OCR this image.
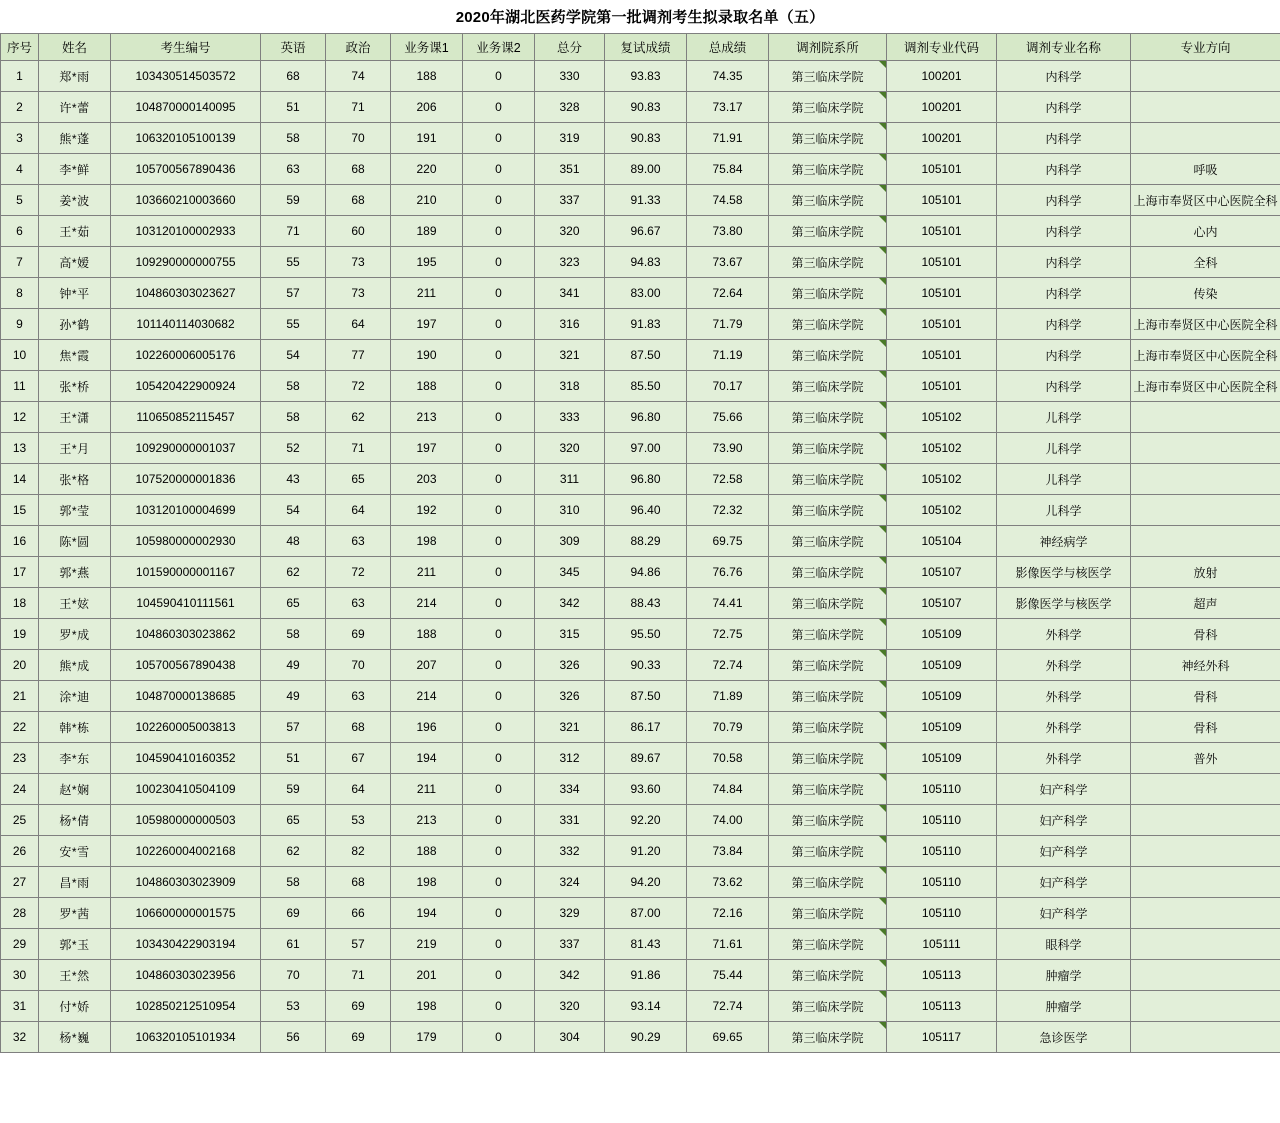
2020年湖北医药学院第一批调剂考生拟录取名单（五）
序号	姓名	考生编号	英语	政治	业务课1	业务课2	总分	复试成绩	总成绩	调剂院系所	调剂专业代码	调剂专业名称	专业方向
1	郑*雨	103430514503572	68	74	188	0	330	93.83	74.35	第三临床学院	100201	内科学	
2	许*蕾	104870000140095	51	71	206	0	328	90.83	73.17	第三临床学院	100201	内科学	
3	熊*蓬	106320105100139	58	70	191	0	319	90.83	71.91	第三临床学院	100201	内科学	
4	李*鲜	105700567890436	63	68	220	0	351	89.00	75.84	第三临床学院	105101	内科学	呼吸
5	姜*波	103660210003660	59	68	210	0	337	91.33	74.58	第三临床学院	105101	内科学	上海市奉贤区中心医院全科
6	王*茹	103120100002933	71	60	189	0	320	96.67	73.80	第三临床学院	105101	内科学	心内
7	高*嫒	109290000000755	55	73	195	0	323	94.83	73.67	第三临床学院	105101	内科学	全科
8	钟*平	104860303023627	57	73	211	0	341	83.00	72.64	第三临床学院	105101	内科学	传染
9	孙*鹤	101140114030682	55	64	197	0	316	91.83	71.79	第三临床学院	105101	内科学	上海市奉贤区中心医院全科
10	焦*霞	102260006005176	54	77	190	0	321	87.50	71.19	第三临床学院	105101	内科学	上海市奉贤区中心医院全科
11	张*桥	105420422900924	58	72	188	0	318	85.50	70.17	第三临床学院	105101	内科学	上海市奉贤区中心医院全科
12	王*潇	110650852115457	58	62	213	0	333	96.80	75.66	第三临床学院	105102	儿科学	
13	王*月	109290000001037	52	71	197	0	320	97.00	73.90	第三临床学院	105102	儿科学	
14	张*格	107520000001836	43	65	203	0	311	96.80	72.58	第三临床学院	105102	儿科学	
15	郭*莹	103120100004699	54	64	192	0	310	96.40	72.32	第三临床学院	105102	儿科学	
16	陈*圆	105980000002930	48	63	198	0	309	88.29	69.75	第三临床学院	105104	神经病学	
17	郭*燕	101590000001167	62	72	211	0	345	94.86	76.76	第三临床学院	105107	影像医学与核医学	放射
18	王*妶	104590410111561	65	63	214	0	342	88.43	74.41	第三临床学院	105107	影像医学与核医学	超声
19	罗*成	104860303023862	58	69	188	0	315	95.50	72.75	第三临床学院	105109	外科学	骨科
20	熊*成	105700567890438	49	70	207	0	326	90.33	72.74	第三临床学院	105109	外科学	神经外科
21	涂*迪	104870000138685	49	63	214	0	326	87.50	71.89	第三临床学院	105109	外科学	骨科
22	韩*栋	102260005003813	57	68	196	0	321	86.17	70.79	第三临床学院	105109	外科学	骨科
23	李*东	104590410160352	51	67	194	0	312	89.67	70.58	第三临床学院	105109	外科学	普外
24	赵*娴	100230410504109	59	64	211	0	334	93.60	74.84	第三临床学院	105110	妇产科学	
25	杨*倩	105980000000503	65	53	213	0	331	92.20	74.00	第三临床学院	105110	妇产科学	
26	安*雪	102260004002168	62	82	188	0	332	91.20	73.84	第三临床学院	105110	妇产科学	
27	昌*雨	104860303023909	58	68	198	0	324	94.20	73.62	第三临床学院	105110	妇产科学	
28	罗*茜	106600000001575	69	66	194	0	329	87.00	72.16	第三临床学院	105110	妇产科学	
29	郭*玉	103430422903194	61	57	219	0	337	81.43	71.61	第三临床学院	105111	眼科学	
30	王*然	104860303023956	70	71	201	0	342	91.86	75.44	第三临床学院	105113	肿瘤学	
31	付*娇	102850212510954	53	69	198	0	320	93.14	72.74	第三临床学院	105113	肿瘤学	
32	杨*巍	106320105101934	56	69	179	0	304	90.29	69.65	第三临床学院	105117	急诊医学	
